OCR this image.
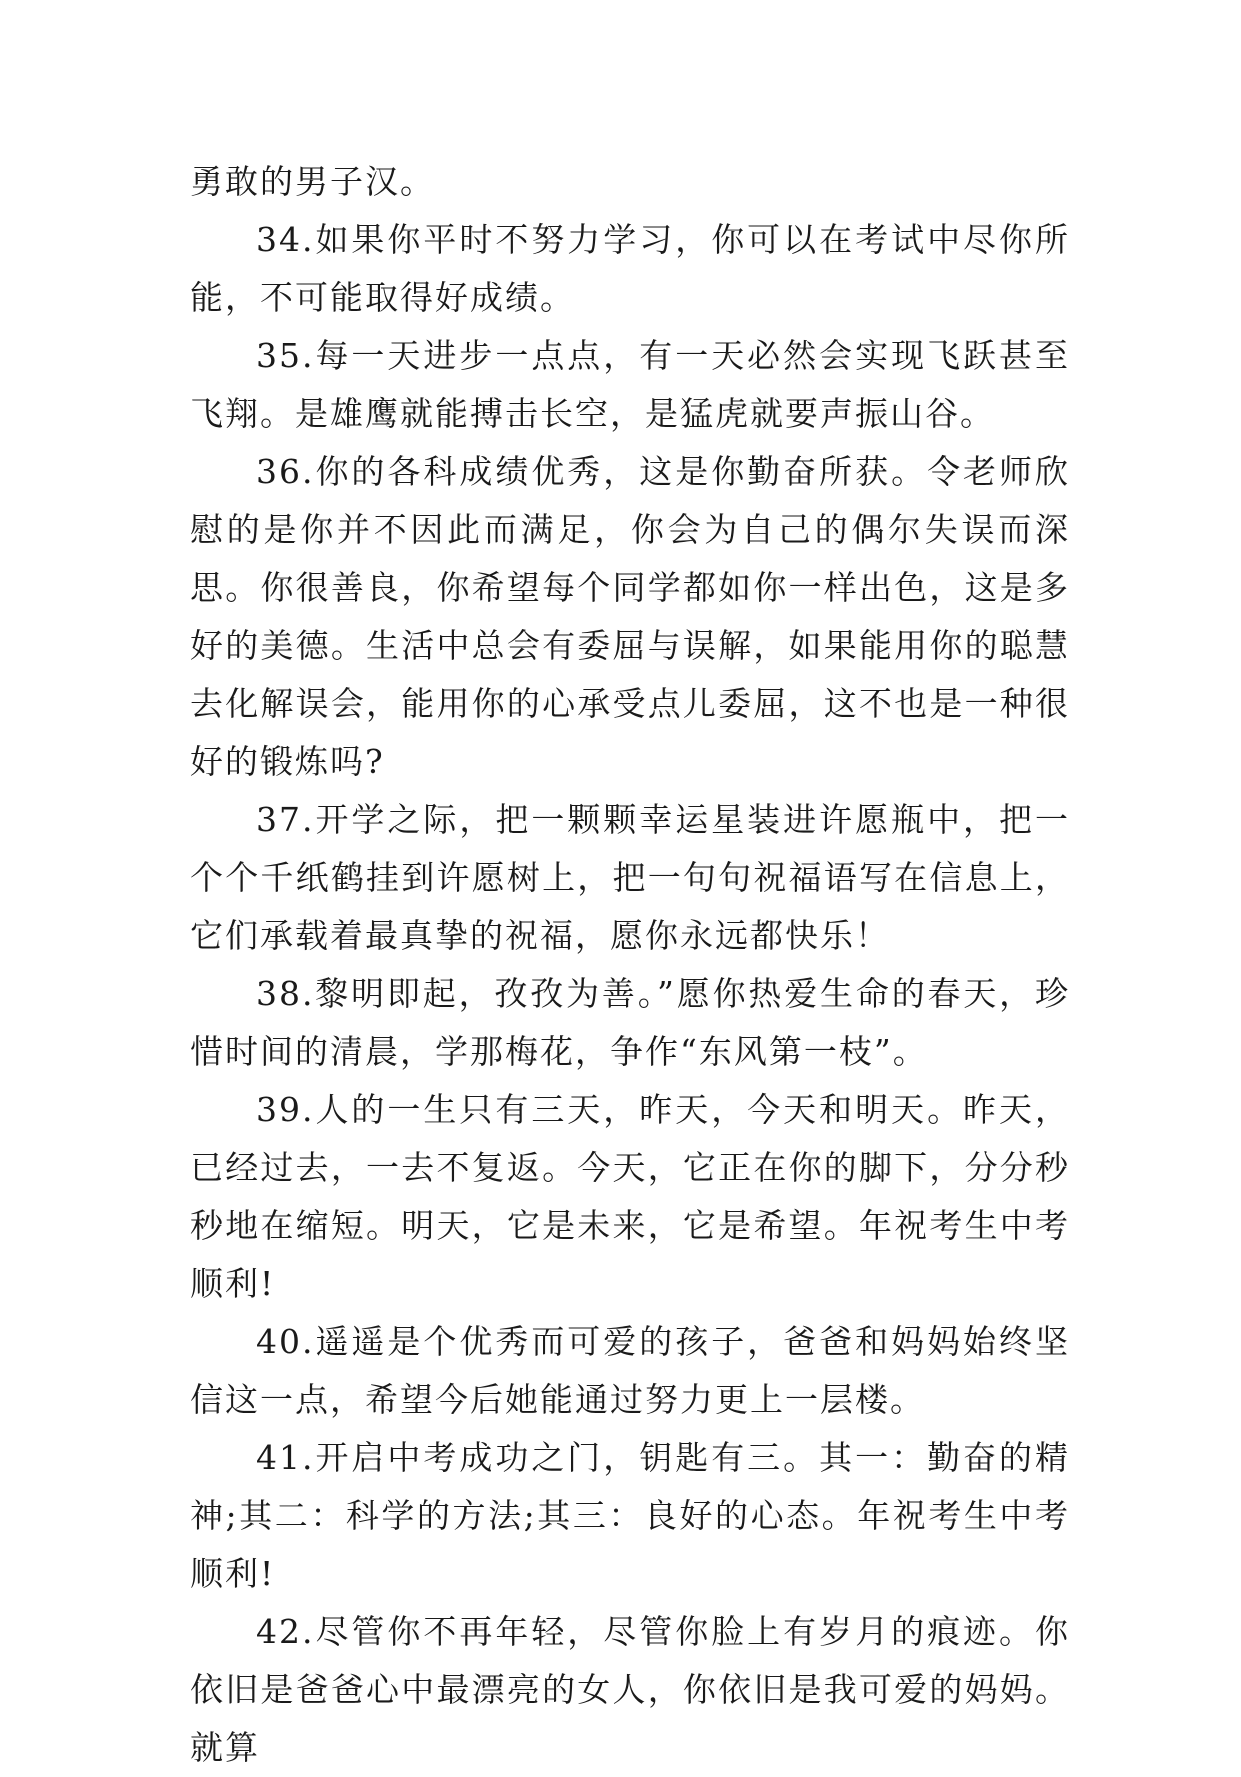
勇敢的男子汉。

34.如果你平时不努力学习，你可以在考试中尽你所能，不可能取得好成绩。

35.每一天进步一点点，有一天必然会实现飞跃甚至飞翔。是雄鹰就能搏击长空，是猛虎就要声振山谷。

36.你的各科成绩优秀，这是你勤奋所获。令老师欣慰的是你并不因此而满足，你会为自己的偶尔失误而深思。你很善良，你希望每个同学都如你一样出色，这是多好的美德。生活中总会有委屈与误解，如果能用你的聪慧去化解误会，能用你的心承受点儿委屈，这不也是一种很好的锻炼吗?

37.开学之际，把一颗颗幸运星装进许愿瓶中，把一个个千纸鹤挂到许愿树上，把一句句祝福语写在信息上，它们承载着最真挚的祝福，愿你永远都快乐！

38.黎明即起，孜孜为善。”愿你热爱生命的春天，珍惜时间的清晨，学那梅花，争作“东风第一枝”。

39.人的一生只有三天，昨天，今天和明天。昨天，已经过去，一去不复返。今天，它正在你的脚下，分分秒秒地在缩短。明天，它是未来，它是希望。年祝考生中考顺利!

40.遥遥是个优秀而可爱的孩子，爸爸和妈妈始终坚信这一点，希望今后她能通过努力更上一层楼。

41.开启中考成功之门，钥匙有三。其一：勤奋的精神;其二：科学的方法;其三：良好的心态。年祝考生中考顺利!

42.尽管你不再年轻，尽管你脸上有岁月的痕迹。你依旧是爸爸心中最漂亮的女人，你依旧是我可爱的妈妈。就算
